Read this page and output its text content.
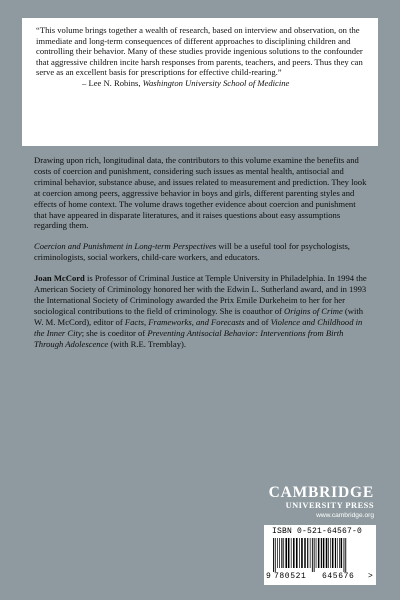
“This volume brings together a wealth of research, based on interview and observation, on the immediate and long-term consequences of different approaches to disciplining children and controlling their behavior. Many of these studies provide ingenious solutions to the confounder that aggressive children incite harsh responses from parents, teachers, and peers. Thus they can serve as an excellent basis for prescriptions for effective child-rearing.”

– Lee N. Robins, Washington University School of Medicine

Drawing upon rich, longitudinal data, the contributors to this volume examine the benefits and costs of coercion and punishment, considering such issues as mental health, antisocial and criminal behavior, substance abuse, and issues related to measurement and prediction. They look at coercion among peers, aggressive behavior in boys and girls, different parenting styles and effects of home context. The volume draws together evidence about coercion and punishment that have appeared in disparate literatures, and it raises questions about easy assumptions regarding them.

Coercion and Punishment in Long-term Perspectives will be a useful tool for psychologists, criminologists, social workers, child-care workers, and educators.

Joan McCord is Professor of Criminal Justice at Temple University in Philadelphia. In 1994 the American Society of Criminology honored her with the Edwin L. Sutherland award, and in 1993 the International Society of Criminology awarded the Prix Emile Durkeheim to her for her sociological contributions to the field of criminology. She is coauthor of Origins of Crime (with W. M. McCord), editor of Facts, Frameworks, and Forecasts and of Violence and Childhood in the Inner City; she is coeditor of Preventing Antisocial Behavior: Interventions from Birth Through Adolescence (with R.E. Tremblay).

CAMBRIDGE
UNIVERSITY PRESS
www.cambridge.org
ISBN 0-521-64567-0
9 780521 645676 >
